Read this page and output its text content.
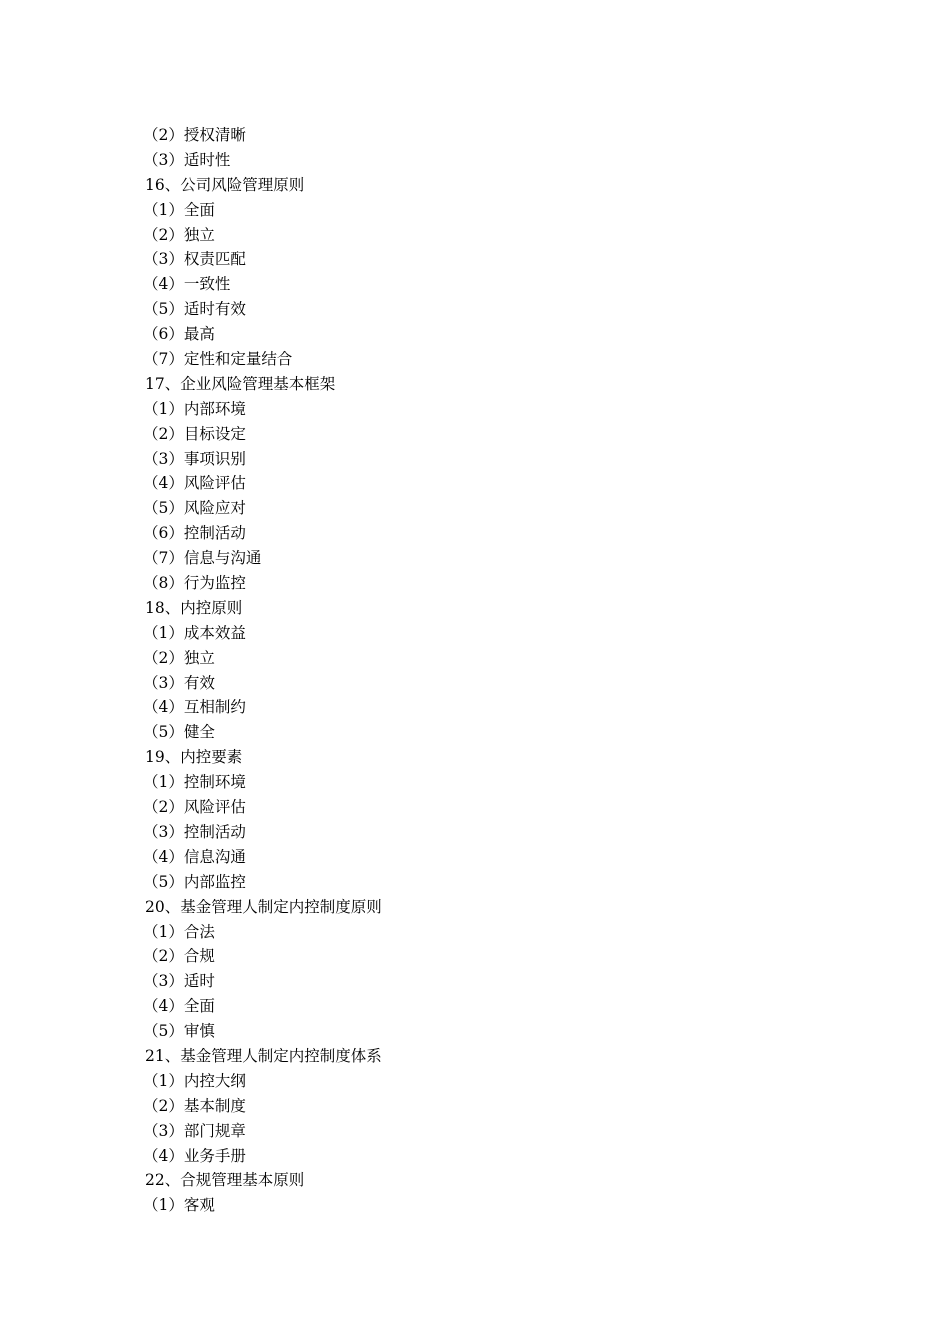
（2）授权清晰
（3）适时性
16、公司风险管理原则
（1）全面
（2）独立
（3）权责匹配
（4）一致性
（5）适时有效
（6）最高
（7）定性和定量结合
17、企业风险管理基本框架
（1）内部环境
（2）目标设定
（3）事项识别
（4）风险评估
（5）风险应对
（6）控制活动
（7）信息与沟通
（8）行为监控
18、内控原则
（1）成本效益
（2）独立
（3）有效
（4）互相制约
（5）健全
19、内控要素
（1）控制环境
（2）风险评估
（3）控制活动
（4）信息沟通
（5）内部监控
20、基金管理人制定内控制度原则
（1）合法
（2）合规
（3）适时
（4）全面
（5）审慎
21、基金管理人制定内控制度体系
（1）内控大纲
（2）基本制度
（3）部门规章
（4）业务手册
22、合规管理基本原则
（1）客观
